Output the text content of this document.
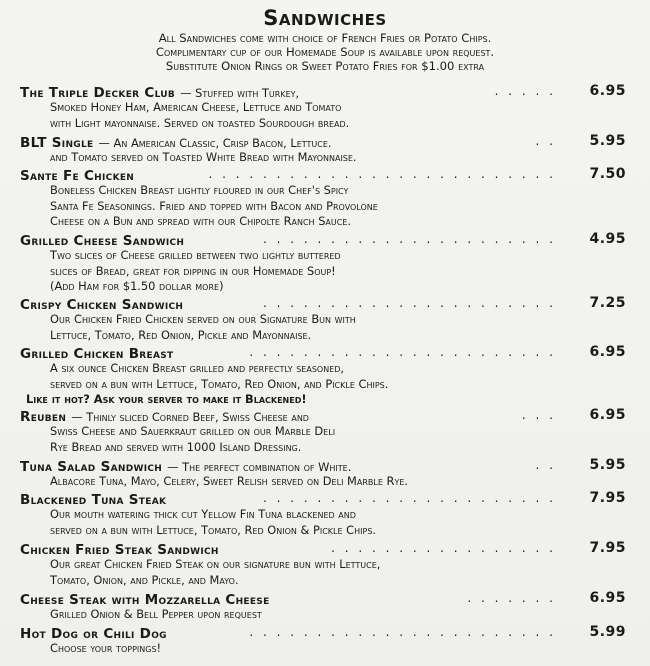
Sandwiches
All Sandwiches come with choice of French Fries or Potato Chips.
Complimentary cup of our Homemade Soup is available upon request.
Substitute Onion Rings or Sweet Potato Fries for $1.00 extra
The Triple Decker Club — Stuffed with Turkey,	. . . . . 6.95
Smoked Honey Ham, American Cheese, Lettuce and Tomato
with Light mayonnaise. Served on toasted Sourdough bread.
BLT Single — An American Classic, Crisp Bacon, Lettuce.	. . 5.95
and Tomato served on Toasted White Bread with Mayonnaise.
Sante Fe Chicken	. . . . . . . . . . . . . . . . . . . . . . . . . . 7.50
Boneless Chicken Breast lightly floured in our Chef's Spicy
Santa Fe Seasonings. Fried and topped with Bacon and Provolone
Cheese on a Bun and spread with our Chipolte Ranch Sauce.
Grilled Cheese Sandwich	. . . . . . . . . . . . . . . . . . . . . . 4.95
Two slices of Cheese grilled between two lightly buttered
slices of Bread, great for dipping in our Homemade Soup!
(Add Ham for $1.50 dollar more)
Crispy Chicken Sandwich	. . . . . . . . . . . . . . . . . . . . . . 7.25
Our Chicken Fried Chicken served on our Signature Bun with
Lettuce, Tomato, Red Onion, Pickle and Mayonnaise.
Grilled Chicken Breast	. . . . . . . . . . . . . . . . . . . . . . . 6.95
A six ounce Chicken Breast grilled and perfectly seasoned,
served on a bun with Lettuce, Tomato, Red Onion, and Pickle Chips.
Like it hot? Ask your server to make it Blackened!
Reuben — Thinly sliced Corned Beef, Swiss Cheese and	. . . 6.95
Swiss Cheese and Sauerkraut grilled on our Marble Deli
Rye Bread and served with 1000 Island Dressing.
Tuna Salad Sandwich — The perfect combination of White.	. . 5.95
Albacore Tuna, Mayo, Celery, Sweet Relish served on Deli Marble Rye.
Blackened Tuna Steak	. . . . . . . . . . . . . . . . . . . . . . 7.95
Our mouth watering thick cut Yellow Fin Tuna blackened and
served on a bun with Lettuce, Tomato, Red Onion & Pickle Chips.
Chicken Fried Steak Sandwich	. . . . . . . . . . . . . . . . . 7.95
Our great Chicken Fried Steak on our signature bun with Lettuce,
Tomato, Onion, and Pickle, and Mayo.
Cheese Steak with Mozzarella Cheese	. . . . . . . 6.95
Grilled Onion & Bell Pepper upon request
Hot Dog or Chili Dog	. . . . . . . . . . . . . . . . . . . . . . . 5.99
Choose your toppings!
